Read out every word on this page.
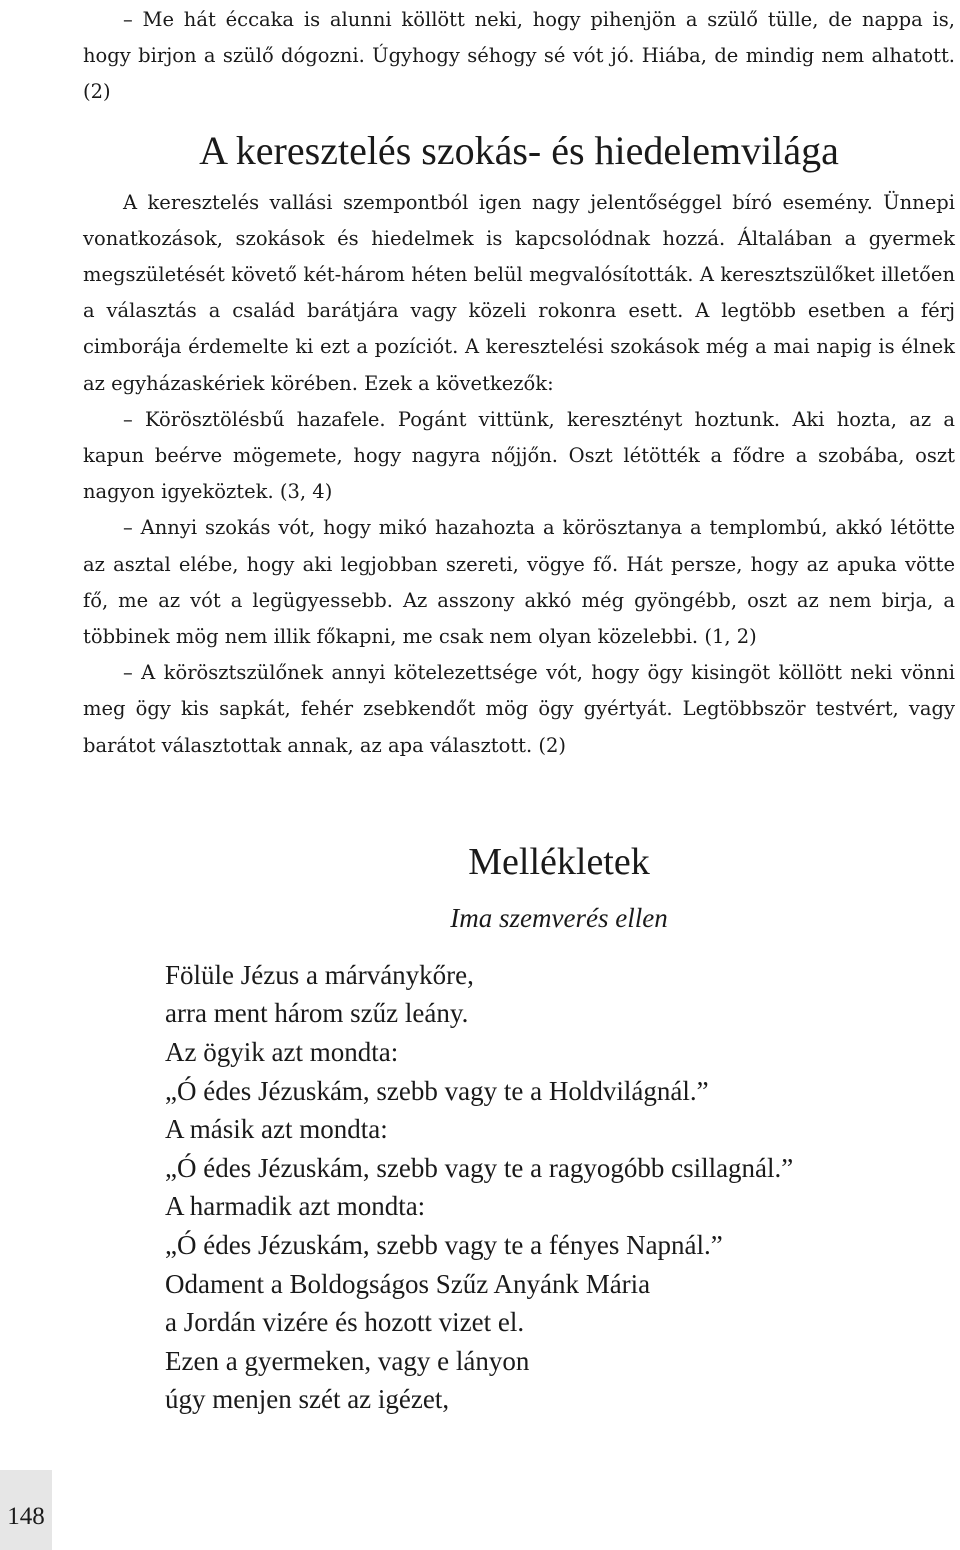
– Me hát éccaka is alunni köllött neki, hogy pihenjön a szülő tülle, de nappa is, hogy birjon a szülő dógozni. Úgyhogy séhogy sé vót jó. Hiába, de mindig nem alhatott. (2)

A keresztelés szokás- és hiedelemvilága

A keresztelés vallási szempontból igen nagy jelentőséggel bíró esemény. Ünnepi vonatkozások, szokások és hiedelmek is kapcsolódnak hozzá. Általában a gyermek megszületését követő két-három héten belül megvalósították. A keresztszülőket illetően a választás a család barátjára vagy közeli rokonra esett. A legtöbb esetben a férj cimborája érdemelte ki ezt a pozíciót. A keresztelési szokások még a mai napig is élnek az egyházaskériek körében. Ezek a következők:

– Körösztölésbű hazafele. Pogánt vittünk, keresztényt hoztunk. Aki hozta, az a kapun beérve mögemete, hogy nagyra nőjjőn. Oszt létötték a fődre a szobába, oszt nagyon igyeköztek. (3, 4)

– Annyi szokás vót, hogy mikó hazahozta a körösztanya a templombú, akkó létötte az asztal elébe, hogy aki legjobban szereti, vögye fő. Hát persze, hogy az apuka vötte fő, me az vót a legügyessebb. Az asszony akkó még gyöngébb, oszt az nem birja, a többinek mög nem illik főkapni, me csak nem olyan közelebbi. (1, 2)

– A körösztszülőnek annyi kötelezettsége vót, hogy ögy kisingöt köllött neki vönni meg ögy kis sapkát, fehér zsebkendőt mög ögy gyértyát. Legtöbbször testvért, vagy barátot választottak annak, az apa választott. (2)

Mellékletek
Ima szemverés ellen
Fölüle Jézus a márványkőre,
arra ment három szűz leány.
Az ögyik azt mondta:
„Ó édes Jézuskám, szebb vagy te a Holdvilágnál.”
A másik azt mondta:
„Ó édes Jézuskám, szebb vagy te a ragyogóbb csillagnál.”
A harmadik azt mondta:
„Ó édes Jézuskám, szebb vagy te a fényes Napnál.”
Odament a Boldogságos Szűz Anyánk Mária
a Jordán vizére és hozott vizet el.
Ezen a gyermeken, vagy e lányon
úgy menjen szét az igézet,
148
